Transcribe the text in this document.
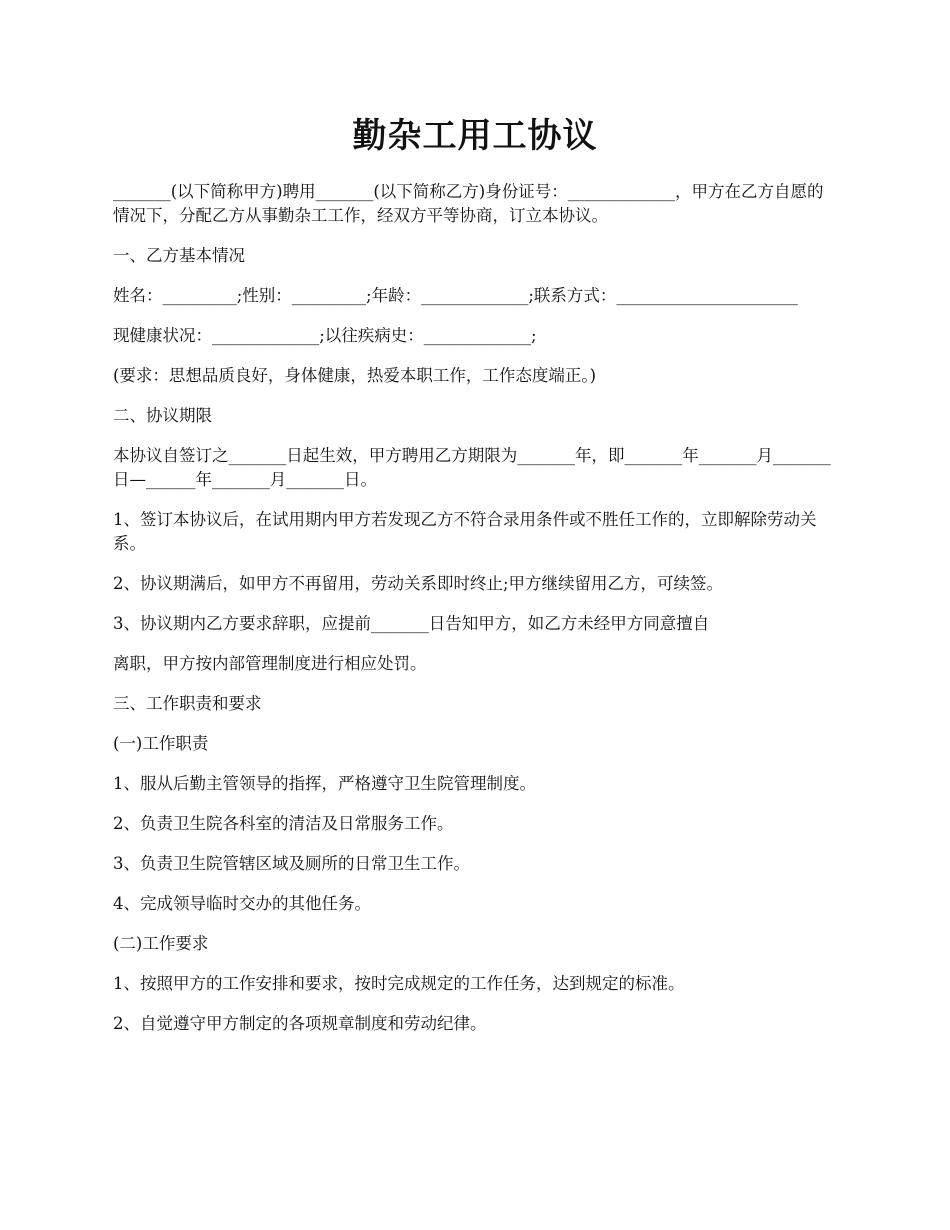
勤杂工用工协议

_______(以下简称甲方)聘用_______(以下简称乙方)身份证号：_____________，甲方在乙方自愿的情况下，分配乙方从事勤杂工工作，经双方平等协商，订立本协议。

一、乙方基本情况

姓名：_________;性别：_________;年龄：_____________;联系方式：______________________

现健康状况：_____________;以往疾病史：_____________;

(要求：思想品质良好，身体健康，热爱本职工作，工作态度端正。)

二、协议期限

本协议自签订之_______日起生效，甲方聘用乙方期限为_______年，即_______年_______月_______日—______年_______月_______日。

1、签订本协议后，在试用期内甲方若发现乙方不符合录用条件或不胜任工作的，立即解除劳动关系。

2、协议期满后，如甲方不再留用，劳动关系即时终止;甲方继续留用乙方，可续签。

3、协议期内乙方要求辞职，应提前_______日告知甲方，如乙方未经甲方同意擅自

离职，甲方按内部管理制度进行相应处罚。

三、工作职责和要求

(一)工作职责

1、服从后勤主管领导的指挥，严格遵守卫生院管理制度。

2、负责卫生院各科室的清洁及日常服务工作。

3、负责卫生院管辖区域及厕所的日常卫生工作。

4、完成领导临时交办的其他任务。

(二)工作要求

1、按照甲方的工作安排和要求，按时完成规定的工作任务，达到规定的标准。

2、自觉遵守甲方制定的各项规章制度和劳动纪律。
